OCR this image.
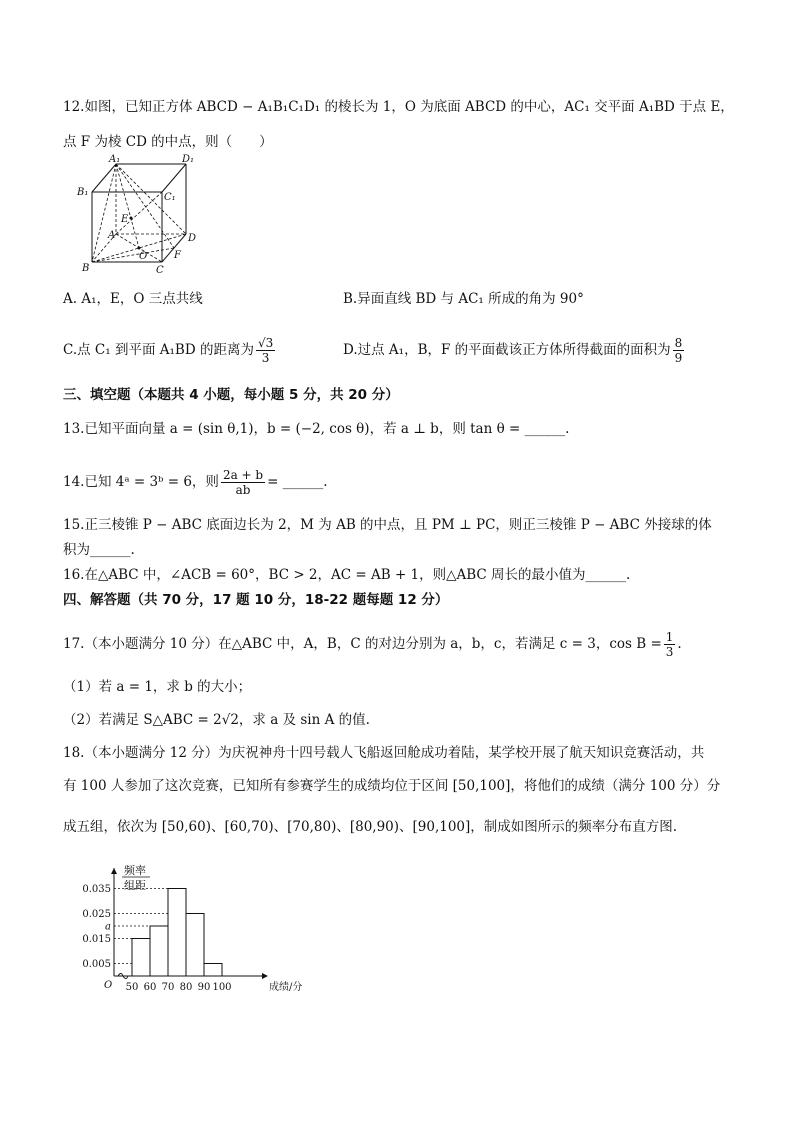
12.如图，已知正方体 ABCD − A₁B₁C₁D₁ 的棱长为 1，O 为底面 ABCD 的中心，AC₁ 交平面 A₁BD 于点 E，
点 F 为棱 CD 的中点，则（　　）
A₁	D₁
B₁	C₁
E
A	D
B
O
C
F
A. A₁，E，O 三点共线	B.异面直线 BD 与 AC₁ 所成的角为 90°
C.点 C₁ 到平面 A₁BD 的距离为 $\frac{√3}{3}$	D.过点 A₁，B，F 的平面截该正方体所得截面的面积为 $\frac{8}{9}$
三、填空题（本题共 4 小题，每小题 5 分，共 20 分）
13.已知平面向量 a = (sin θ,1)，b = (−2, cos θ)，若 a ⊥ b，则 tan θ = ______.
14.已知 4ᵃ = 3ᵇ = 6，则 $\frac{2a + b}{ab}$ = ______.
15.正三棱锥 P − ABC 底面边长为 2，M 为 AB 的中点，且 PM ⊥ PC，则正三棱锥 P − ABC 外接球的体
积为______.
16.在△ABC 中，∠ACB = 60°，BC > 2，AC = AB + 1，则△ABC 周长的最小值为______.
四、解答题（共 70 分，17 题 10 分，18-22 题每题 12 分）
17.（本小题满分 10 分）在△ABC 中，A，B，C 的对边分别为 a，b，c，若满足 c = 3，$\cos B = \frac{1}{3}$ .
（1）若 a = 1，求 b 的大小；
（2）若满足 S△ABC = 2√2，求 a 及 sin A 的值.
18.（本小题满分 12 分）为庆祝神舟十四号载人飞船返回舱成功着陆，某学校开展了航天知识竞赛活动，共
有 100 人参加了这次竞赛，已知所有参赛学生的成绩均位于区间 [50,100]，将他们的成绩（满分 100 分）分
成五组，依次为 [50,60)、[60,70)、[70,80)、[80,90)、[90,100]，制成如图所示的频率分布直方图.
0.035
0.025
a
0.015
0.005
50 60 70 80 90 100
O	成绩/分
频率
组距
